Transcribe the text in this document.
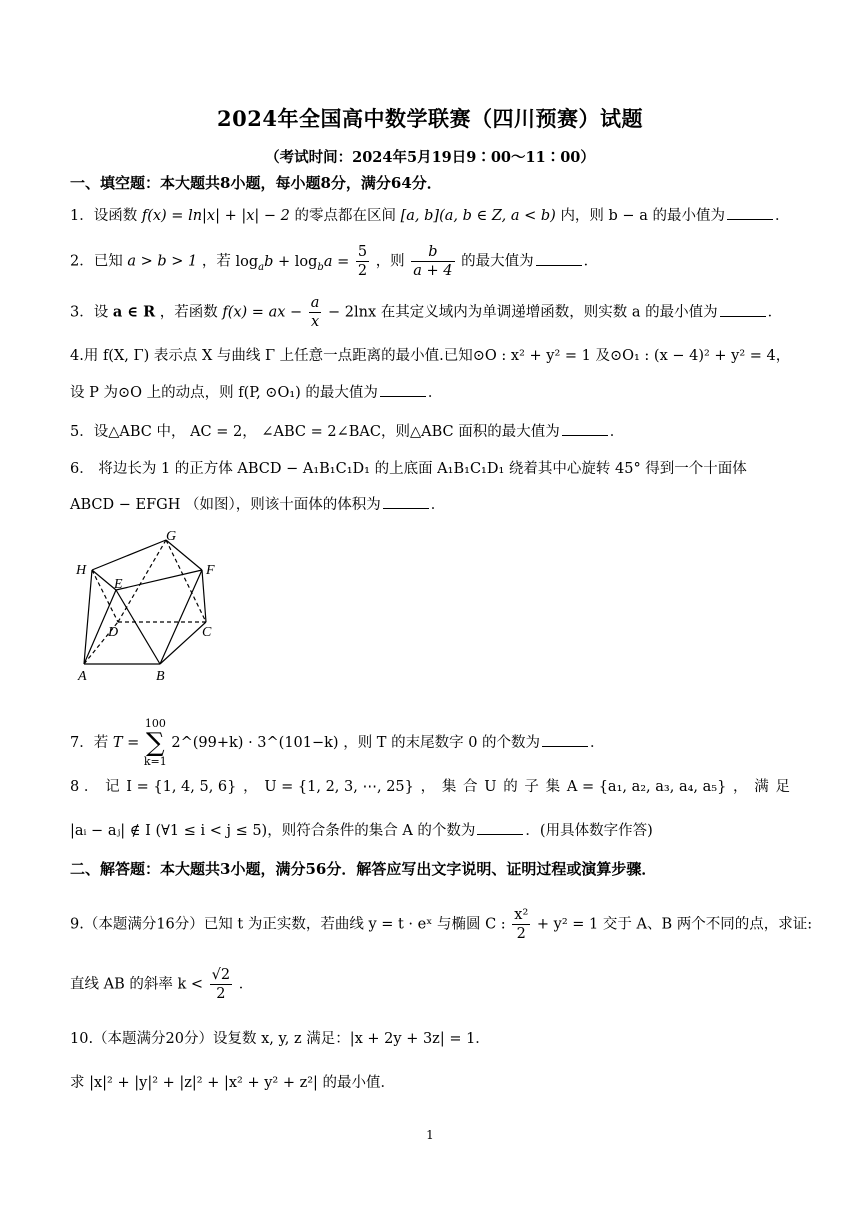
2024年全国高中数学联赛（四川预赛）试题
（考试时间：2024年5月19日9∶00～11∶00）
一、填空题：本大题共8小题，每小题8分，满分64分．
1．设函数 f(x) = ln|x| + |x| − 2 的零点都在区间 [a, b](a, b ∈ Z, a < b) 内，则 b − a 的最小值为	．
2．已知 a > b > 1 ，若 $\log_ab + \log_ba = \frac{5}{2}$ ，则 $\frac{b}{a + 4}$ 的最大值为	．
3．设 a ∈ R ，若函数 f(x) = ax − $\frac{a}{x} - 2\ln x$ 在其定义域内为单调递增函数，则实数 a 的最小值为	．
4.用 f(X, Γ) 表示点 X 与曲线 Γ 上任意一点距离的最小值.已知⊙O : x² + y² = 1 及⊙O₁ : (x − 4)² + y² = 4，
设 P 为⊙O 上的动点，则 f(P, ⊙O₁) 的最大值为	．
5．设△ABC 中， AC = 2， ∠ABC = 2∠BAC，则△ABC 面积的最大值为	．
6． 将边长为 1 的正方体 ABCD − A₁B₁C₁D₁ 的上底面 A₁B₁C₁D₁ 绕着其中心旋转 45° 得到一个十面体
ABCD − EFGH （如图），则该十面体的体积为	．
H
G
F
E
D	C
A	B
7．若 T =
100
∑
k=1
2^(99+k) · 3^(101−k) ，则 T 的末尾数字 0 的个数为	．
8 ． 记 I = {1, 4, 5, 6} ， U = {1, 2, 3, ⋯, 25} ， 集 合 U 的 子 集 A = {a₁, a₂, a₃, a₄, a₅} ， 满 足
|aᵢ − aⱼ| ∉ I (∀1 ≤ i < j ≤ 5)，则符合条件的集合 A 的个数为	．(用具体数字作答)
二、解答题：本大题共3小题，满分56分．解答应写出文字说明、证明过程或演算步骤．
9.（本题满分16分）已知 t 为正实数，若曲线 y = t · eˣ 与椭圆 C : $\frac{\text{x²}}{2} + y^2 = 1$ 交于 A、B 两个不同的点，求证:
直线 AB 的斜率 $k < \frac{√2}{2}$ ．
10.（本题满分20分）设复数 x, y, z 满足：|x + 2y + 3z| = 1．
求 |x|² + |y|² + |z|² + |x² + y² + z²| 的最小值．
1
